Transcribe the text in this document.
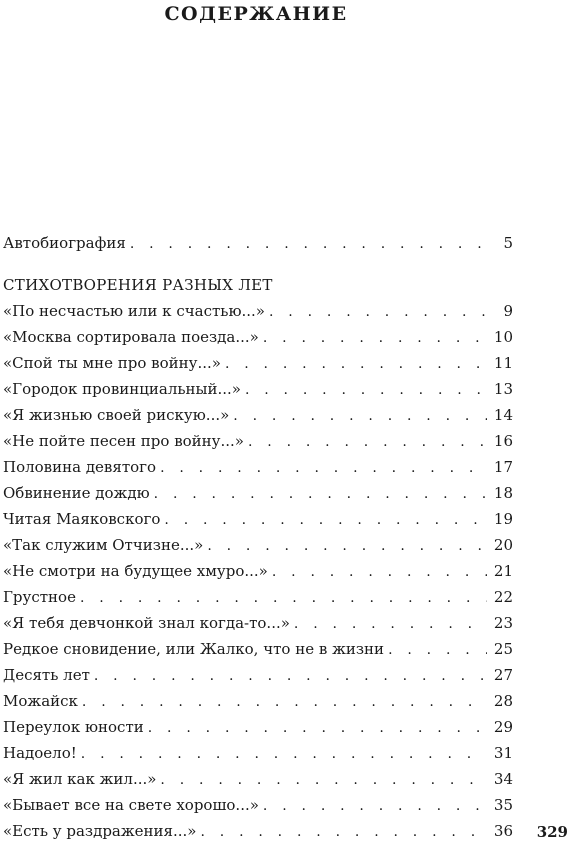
СОДЕРЖАНИЕ
Автобиография . . .	5
СТИХОТВОРЕНИЯ РАЗНЫХ ЛЕТ
«По несчастью или к счастью...» . . .	9
«Москва сортировала поезда...» . . .	10
«Спой ты мне про войну...» . . .	11
«Городок провинциальный...» . . .	13
«Я жизнью своей рискую...» . . .	14
«Не пойте песен про войну...» . . .	16
Половина девятого . . .	17
Обвинение дождю . . .	18
Читая Маяковского . . .	19
«Так служим Отчизне...» . . .	20
«Не смотри на будущее хмуро...» . . .	21
Грустное . . .	22
«Я тебя девчонкой знал когда-то...» . . .	23
Редкое сновидение, или Жалко, что не в жизни . . .	25
Десять лет . . .	27
Можайск . . .	28
Переулок юности . . .	29
Надоело! . . .	31
«Я жил как жил...» . . .	34
«Бывает все на свете хорошо...» . . .	35
«Есть у раздражения...» . . .	36 329
